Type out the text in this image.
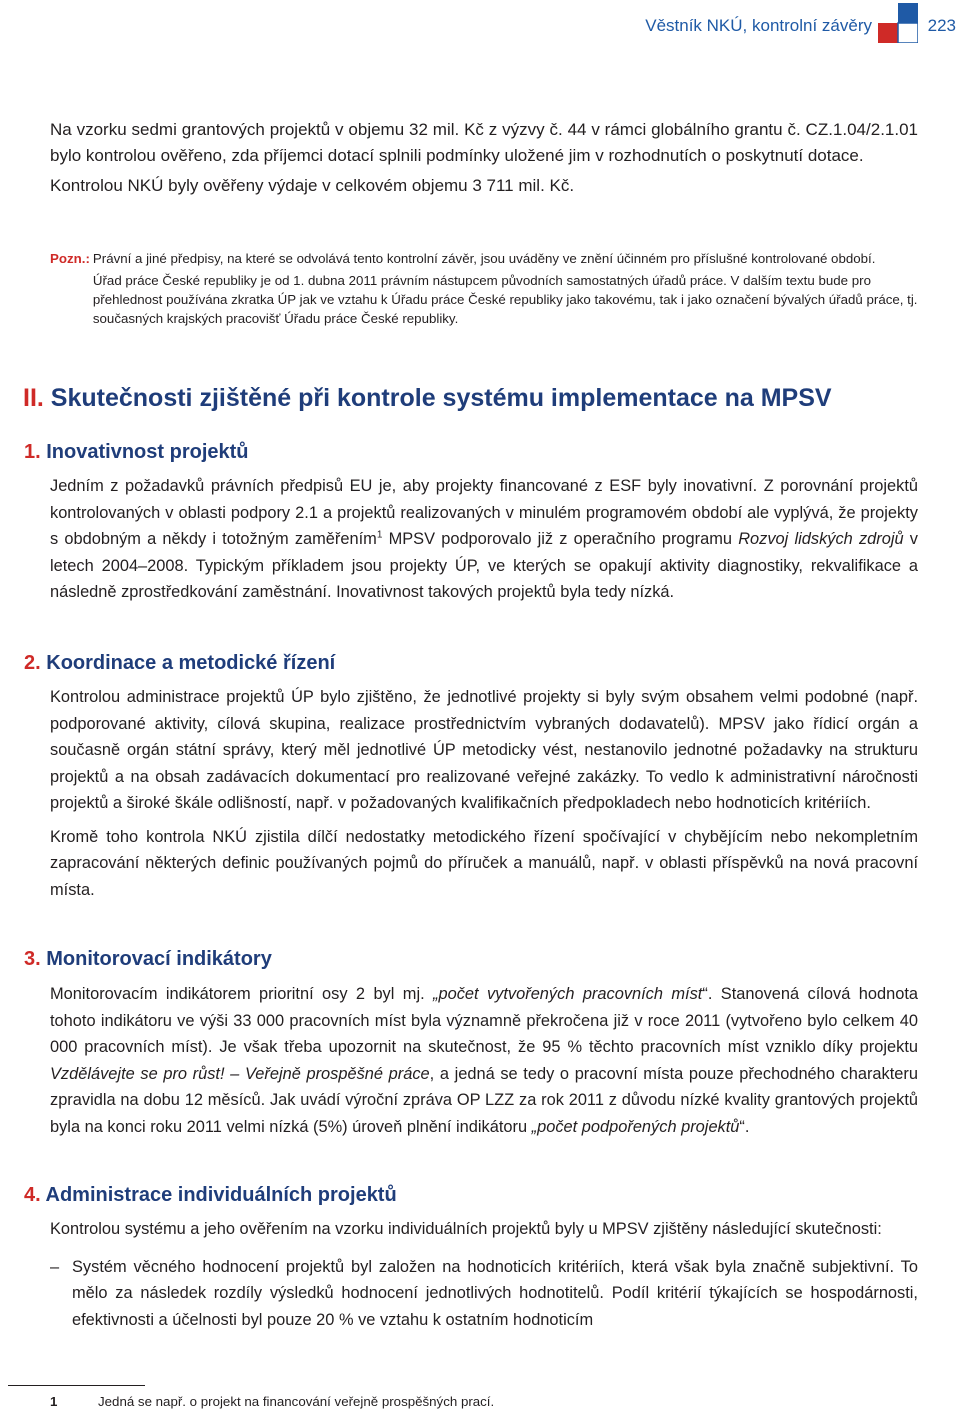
Věstník NKÚ, kontrolní závěry	223

Na vzorku sedmi grantových projektů v objemu 32 mil. Kč z výzvy č. 44 v rámci globálního grantu č. CZ.1.04/2.1.01 bylo kontrolou ověřeno, zda příjemci dotací splnili podmínky uložené jim v rozhodnutích o poskytnutí dotace.

Kontrolou NKÚ byly ověřeny výdaje v celkovém objemu 3 711 mil. Kč.

Pozn.: Právní a jiné předpisy, na které se odvolává tento kontrolní závěr, jsou uváděny ve znění účinném pro příslušné kontrolované období.

Úřad práce České republiky je od 1. dubna 2011 právním nástupcem původních samostatných úřadů práce. V dalším textu bude pro přehlednost používána zkratka ÚP jak ve vztahu k Úřadu práce České republiky jako takovému, tak i jako označení bývalých úřadů práce, tj. současných krajských pracovišť Úřadu práce České republiky.

II. Skutečnosti zjištěné při kontrole systému implementace na MPSV
1. Inovativnost projektů

Jedním z požadavků právních předpisů EU je, aby projekty financované z ESF byly inovativní. Z porovnání projektů kontrolovaných v oblasti podpory 2.1 a projektů realizovaných v minulém programovém období ale vyplývá, že projekty s obdobným a někdy i totožným zaměřením$^1$ MPSV podporovalo již z operačního programu Rozvoj lidských zdrojů v letech 2004–2008. Typickým příkladem jsou projekty ÚP, ve kterých se opakují aktivity diagnostiky, rekvalifikace a následně zprostředkování zaměstnání. Inovativnost takových projektů byla tedy nízká.

2. Koordinace a metodické řízení

Kontrolou administrace projektů ÚP bylo zjištěno, že jednotlivé projekty si byly svým obsahem velmi podobné (např. podporované aktivity, cílová skupina, realizace prostřednictvím vybraných dodavatelů). MPSV jako řídicí orgán a současně orgán státní správy, který měl jednotlivé ÚP metodicky vést, nestanovilo jednotné požadavky na strukturu projektů a na obsah zadávacích dokumentací pro realizované veřejné zakázky. To vedlo k administrativní náročnosti projektů a široké škále odlišností, např. v požadovaných kvalifikačních předpokladech nebo hodnoticích kritériích.

Kromě toho kontrola NKÚ zjistila dílčí nedostatky metodického řízení spočívající v chybějícím nebo nekompletním zapracování některých definic používaných pojmů do příruček a manuálů, např. v oblasti příspěvků na nová pracovní místa.

3. Monitorovací indikátory

Monitorovacím indikátorem prioritní osy 2 byl mj. „počet vytvořených pracovních míst“. Stanovená cílová hodnota tohoto indikátoru ve výši 33 000 pracovních míst byla významně překročena již v roce 2011 (vytvořeno bylo celkem 40 000 pracovních míst). Je však třeba upozornit na skutečnost, že 95 % těchto pracovních míst vzniklo díky projektu Vzdělávejte se pro růst! – Veřejně prospěšné práce, a jedná se tedy o pracovní místa pouze přechodného charakteru zpravidla na dobu 12 měsíců. Jak uvádí výroční zpráva OP LZZ za rok 2011 z důvodu nízké kvality grantových projektů byla na konci roku 2011 velmi nízká (5%) úroveň plnění indikátoru „počet podpořených projektů“.

4. Administrace individuálních projektů

Kontrolou systému a jeho ověřením na vzorku individuálních projektů byly u MPSV zjištěny následující skutečnosti:

– Systém věcného hodnocení projektů byl založen na hodnoticích kritériích, která však byla značně subjektivní. To mělo za následek rozdíly výsledků hodnocení jednotlivých hodnotitelů. Podíl kritérií týkajících se hospodárnosti, efektivnosti a účelnosti byl pouze 20 % ve vztahu k ostatním hodnoticím
1	Jedná se např. o projekt na financování veřejně prospěšných prací.
